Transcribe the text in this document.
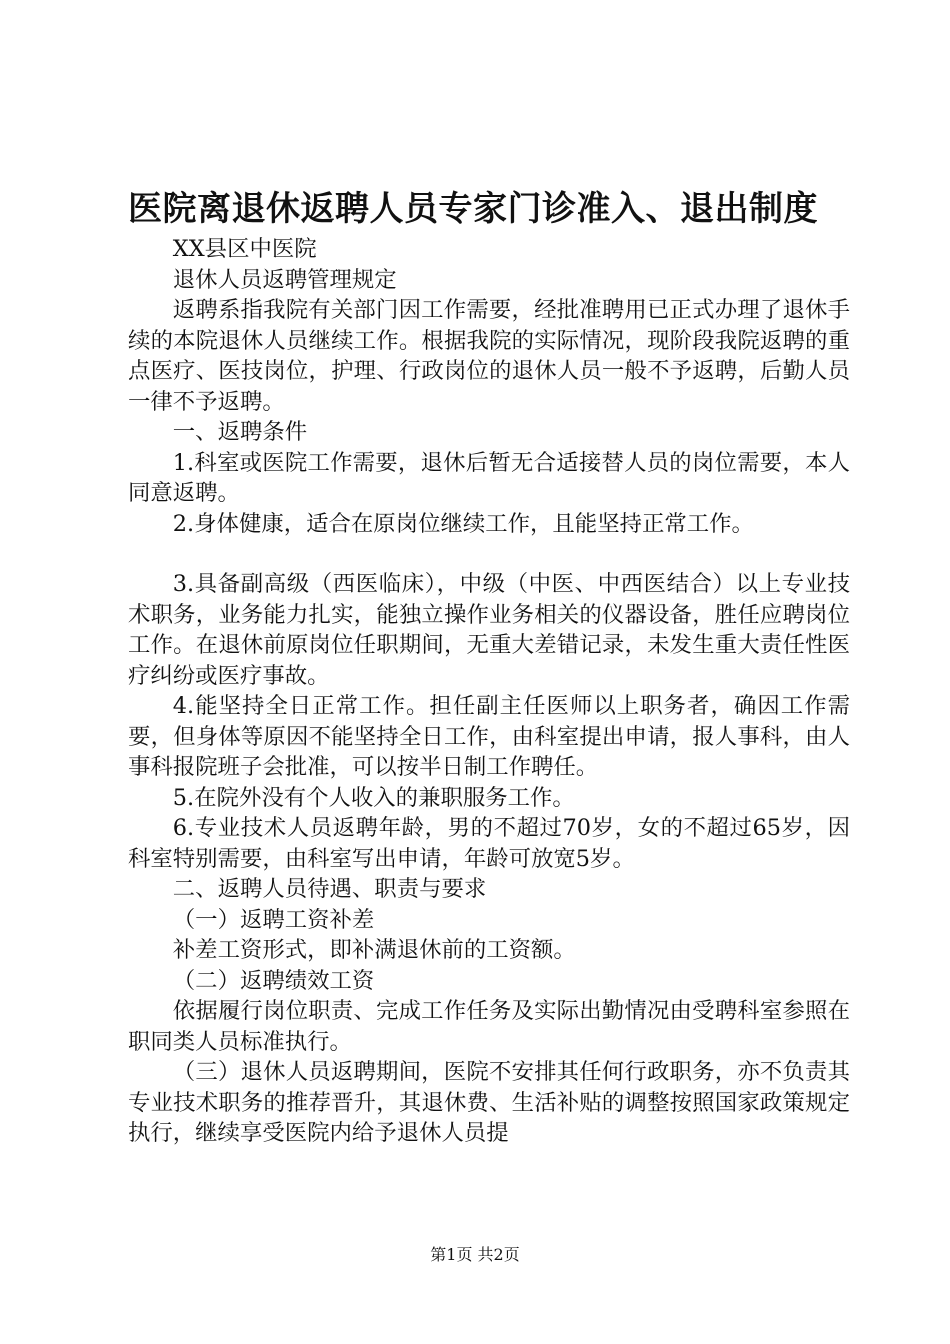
医院离退休返聘人员专家门诊准入、退出制度

XX县区中医院

退休人员返聘管理规定

返聘系指我院有关部门因工作需要，经批准聘用已正式办理了退休手续的本院退休人员继续工作。根据我院的实际情况，现阶段我院返聘的重点医疗、医技岗位，护理、行政岗位的退休人员一般不予返聘，后勤人员一律不予返聘。

一、返聘条件

1.科室或医院工作需要，退休后暂无合适接替人员的岗位需要，本人同意返聘。

2.身体健康，适合在原岗位继续工作，且能坚持正常工作。

3.具备副高级（西医临床），中级（中医、中西医结合）以上专业技术职务，业务能力扎实，能独立操作业务相关的仪器设备，胜任应聘岗位工作。在退休前原岗位任职期间，无重大差错记录，未发生重大责任性医疗纠纷或医疗事故。

4.能坚持全日正常工作。担任副主任医师以上职务者，确因工作需要，但身体等原因不能坚持全日工作，由科室提出申请，报人事科，由人事科报院班子会批准，可以按半日制工作聘任。

5.在院外没有个人收入的兼职服务工作。

6.专业技术人员返聘年龄，男的不超过70岁，女的不超过65岁，因科室特别需要，由科室写出申请，年龄可放宽5岁。

二、返聘人员待遇、职责与要求

（一）返聘工资补差

补差工资形式，即补满退休前的工资额。

（二）返聘绩效工资

依据履行岗位职责、完成工作任务及实际出勤情况由受聘科室参照在职同类人员标准执行。

（三）退休人员返聘期间，医院不安排其任何行政职务，亦不负责其专业技术职务的推荐晋升，其退休费、生活补贴的调整按照国家政策规定执行，继续享受医院内给予退休人员提

第1页 共2页
